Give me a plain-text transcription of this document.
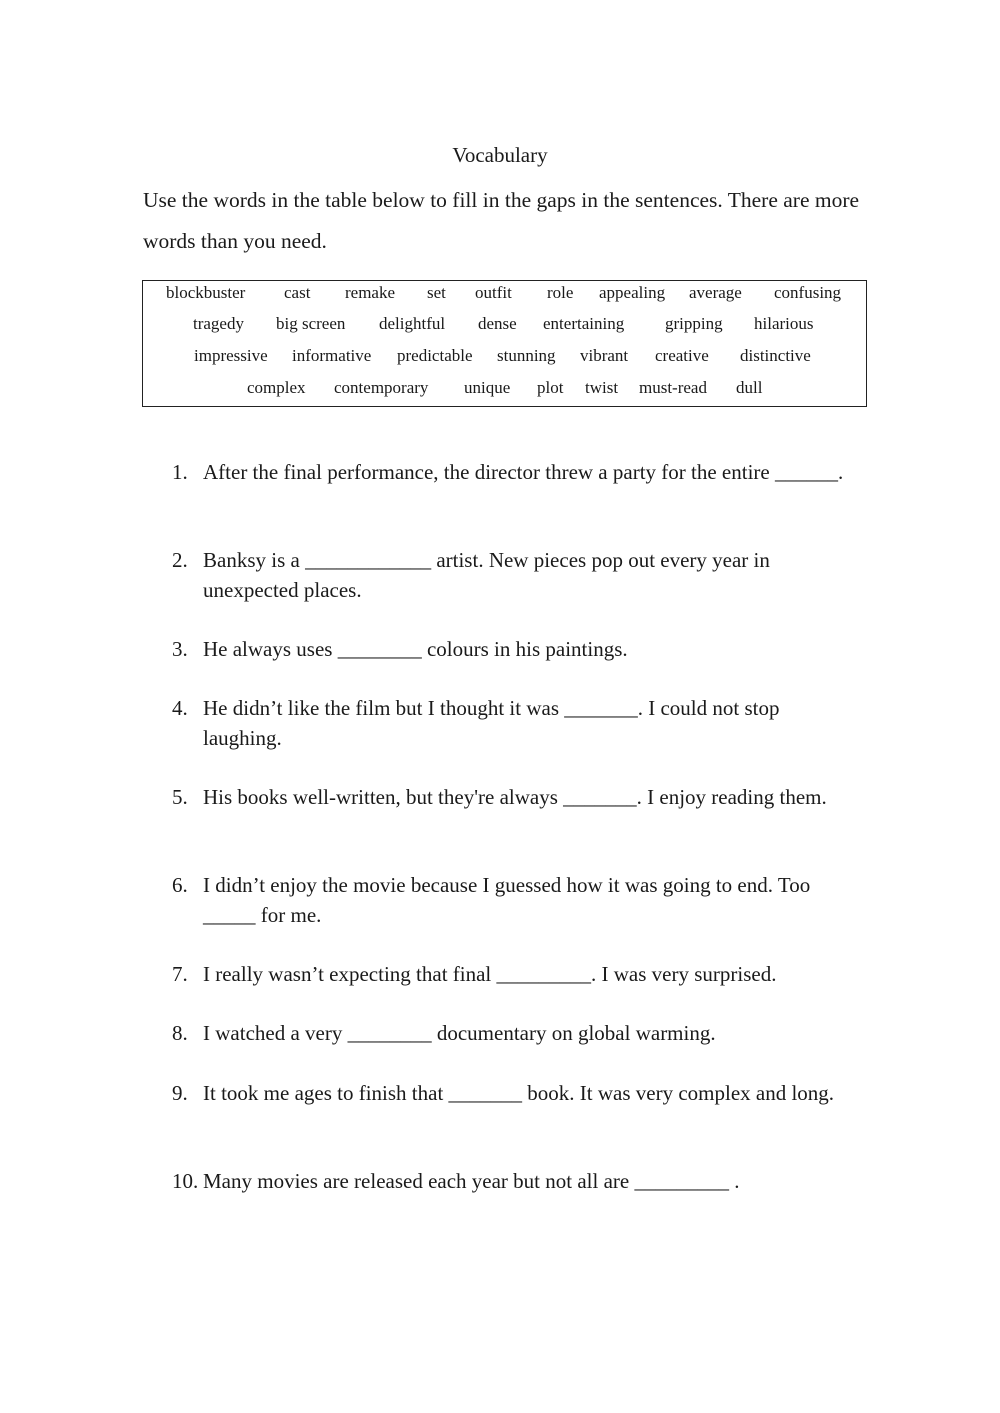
Vocabulary
Use the words in the table below to fill in the gaps in the sentences. There are more words than you need.
blockbuster cast remake set outfit role appealing average confusing
tragedy big screen delightful dense entertaining gripping hilarious
impressive informative predictable stunning vibrant creative distinctive
complex contemporary unique plot twist must-read dull
1. After the final performance, the director threw a party for the entire ______.
2. Banksy is a ____________ artist. New pieces pop out every year in unexpected places.
3. He always uses ________ colours in his paintings.
4. He didn’t like the film but I thought it was _______. I could not stop laughing.
5. His books well-written, but they're always _______. I enjoy reading them.
6. I didn’t enjoy the movie because I guessed how it was going to end. Too _____ for me.
7. I really wasn’t expecting that final _________. I was very surprised.
8. I watched a very ________ documentary on global warming.
9. It took me ages to finish that _______ book. It was very complex and long.
10. Many movies are released each year but not all are _________ .
